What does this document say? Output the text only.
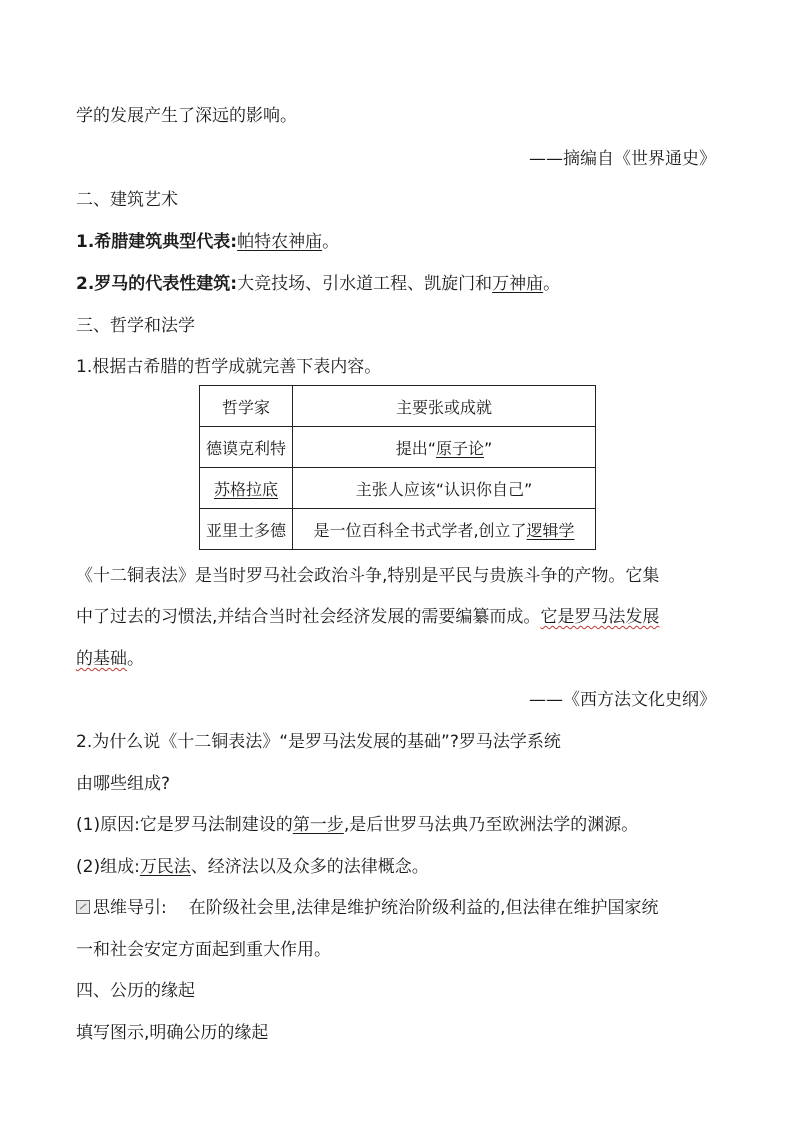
学的发展产生了深远的影响。
——摘编自《世界通史》
二、建筑艺术
1.希腊建筑典型代表:帕特农神庙。
2.罗马的代表性建筑:大竞技场、引水道工程、凯旋门和万神庙。
三、哲学和法学
1.根据古希腊的哲学成就完善下表内容。
哲学家	主要张或成就
德谟克利特	提出“原子论”
苏格拉底	主张人应该“认识你自己”
亚里士多德	是一位百科全书式学者,创立了逻辑学
《十二铜表法》是当时罗马社会政治斗争,特别是平民与贵族斗争的产物。它集
中了过去的习惯法,并结合当时社会经济发展的需要编纂而成。它是罗马法发展
的基础。
——《西方法文化史纲》
2.为什么说《十二铜表法》“是罗马法发展的基础”?罗马法学系统
由哪些组成?
(1)原因:它是罗马法制建设的第一步,是后世罗马法典乃至欧洲法学的渊源。
(2)组成:万民法、经济法以及众多的法律概念。
思维导引: 在阶级社会里,法律是维护统治阶级利益的,但法律在维护国家统
一和社会安定方面起到重大作用。
四、公历的缘起
填写图示,明确公历的缘起
